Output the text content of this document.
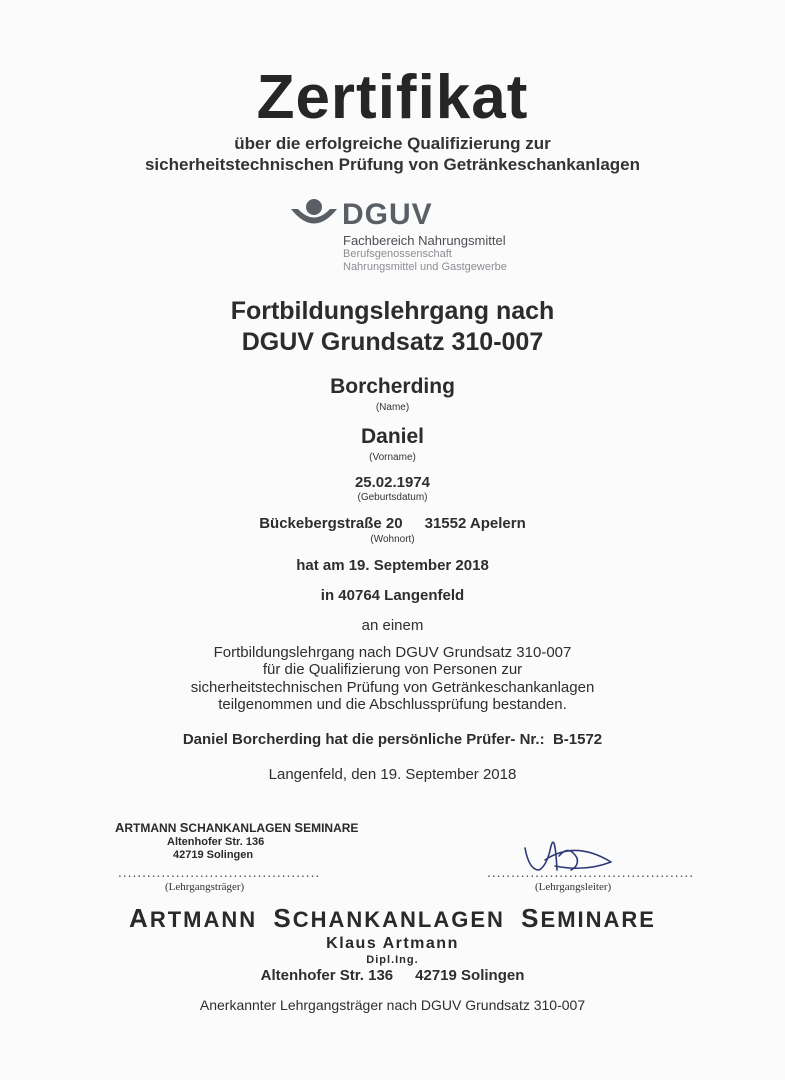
Zertifikat
über die erfolgreiche Qualifizierung zur
sicherheitstechnischen Prüfung von Getränkeschankanlagen
DGUV
Fachbereich Nahrungsmittel
Berufsgenossenschaft
Nahrungsmittel und Gastgewerbe
Fortbildungslehrgang nach
DGUV Grundsatz 310-007
Borcherding
(Name)
Daniel
(Vorname)
25.02.1974
(Geburtsdatum)
Bückebergstraße 20 31552 Apelern
(Wohnort)
hat am 19. September 2018
in 40764 Langenfeld
an einem
Fortbildungslehrgang nach DGUV Grundsatz 310-007
für die Qualifizierung von Personen zur
sicherheitstechnischen Prüfung von Getränkeschankanlagen
teilgenommen und die Abschlussprüfung bestanden.
Daniel Borcherding hat die persönliche Prüfer- Nr.: B-1572
Langenfeld, den 19. September 2018
ARTMANN SCHANKANLAGEN SEMINARE
Altenhofer Str. 136
42719 Solingen
..........................................
(Lehrgangsträger)
...........................................
(Lehrgangsleiter)
ARTMANN SCHANKANLAGEN SEMINARE
Klaus Artmann
Dipl.Ing.
Altenhofer Str. 136 42719 Solingen
Anerkannter Lehrgangsträger nach DGUV Grundsatz 310-007
